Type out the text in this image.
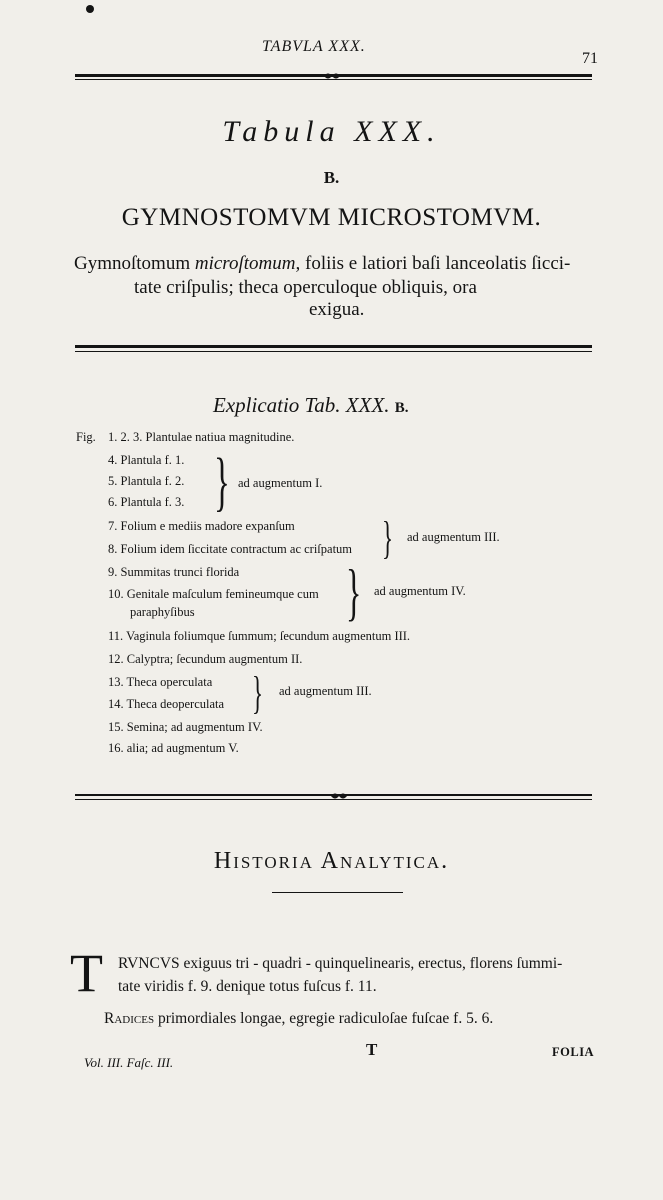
TABVLA XXX.
71
Tabula XXX.
B.
GYMNOSTOMVM MICROSTOMVM.
Gymnoſtomum microſtomum, foliis e latiori baſi lanceolatis ſicci-
tate criſpulis; theca operculoque obliquis, ora
exigua.
Explicatio Tab. XXX. B.
Fig. 1. 2. 3. Plantulae natiua magnitudine.
4. Plantula f. 1.
5. Plantula f. 2.
6. Plantula f. 3. } ad augmentum I.
7. Folium e mediis madore expanſum
8. Folium idem ſiccitate contractum ac criſpatum } ad augmentum III.
9. Summitas trunci florida
10. Genitale maſculum femineumque cum
paraphyſibus } ad augmentum IV.
11. Vaginula foliumque ſummum; ſecundum augmentum III.
12. Calyptra; ſecundum augmentum II.
13. Theca operculata
14. Theca deoperculata } ad augmentum III.
15. Semina; ad augmentum IV.
16. alia; ad augmentum V.
Historia Analytica.
T RVNCVS exiguus tri - quadri - quinquelinearis, erectus, florens ſummi-
tate viridis f. 9. denique totus fuſcus f. 11.
Radices primordiales longae, egregie radiculoſae fuſcae f. 5. 6.
Vol. III. Faſc. III.
T	FOLIA
